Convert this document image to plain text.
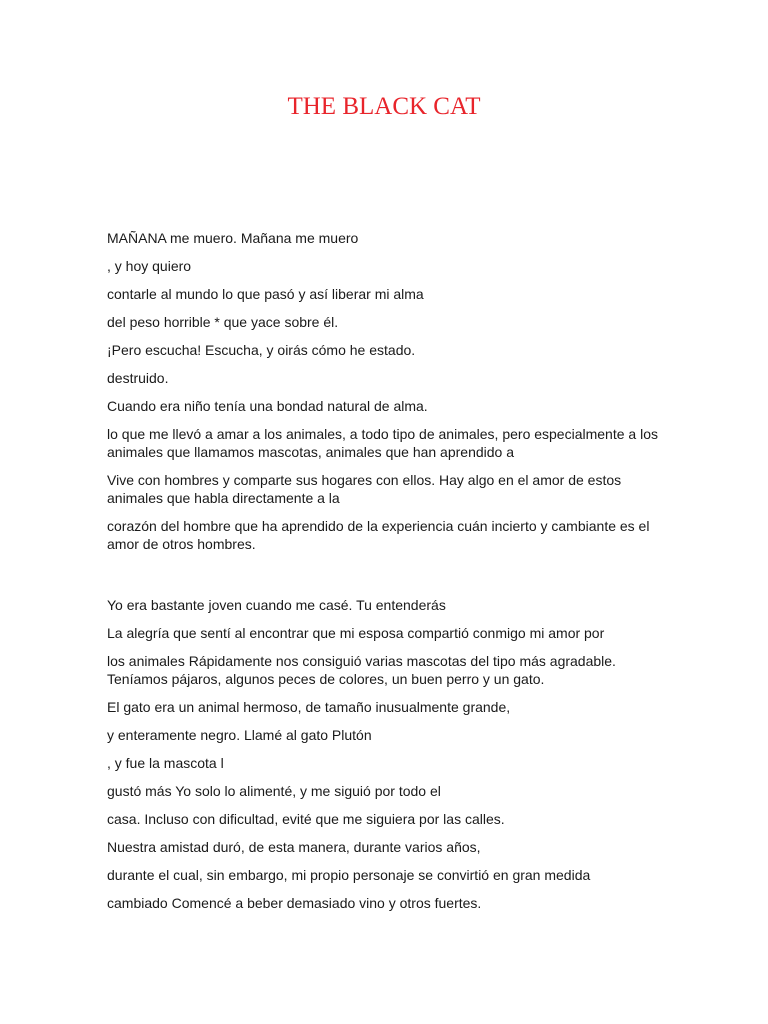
THE BLACK CAT

MAÑANA me muero. Mañana me muero

, y hoy quiero

contarle al mundo lo que pasó y así liberar mi alma

del peso horrible * que yace sobre él.

¡Pero escucha! Escucha, y oirás cómo he estado.

destruido.

Cuando era niño tenía una bondad natural de alma.

lo que me llevó a amar a los animales, a todo tipo de animales, pero especialmente a los animales que llamamos mascotas, animales que han aprendido a

Vive con hombres y comparte sus hogares con ellos. Hay algo en el amor de estos animales que habla directamente a la

corazón del hombre que ha aprendido de la experiencia cuán incierto y cambiante es el amor de otros hombres.

Yo era bastante joven cuando me casé. Tu entenderás

La alegría que sentí al encontrar que mi esposa compartió conmigo mi amor por

los animales Rápidamente nos consiguió varias mascotas del tipo más agradable. Teníamos pájaros, algunos peces de colores, un buen perro y un gato.

El gato era un animal hermoso, de tamaño inusualmente grande,

y enteramente negro. Llamé al gato Plutón

, y fue la mascota l

gustó más Yo solo lo alimenté, y me siguió por todo el

casa. Incluso con dificultad, evité que me siguiera por las calles.

Nuestra amistad duró, de esta manera, durante varios años,

durante el cual, sin embargo, mi propio personaje se convirtió en gran medida

cambiado Comencé a beber demasiado vino y otros fuertes.
